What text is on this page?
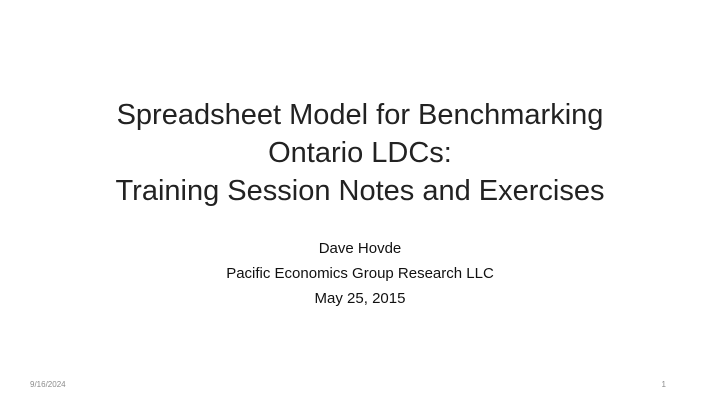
Spreadsheet Model for Benchmarking
Ontario LDCs:
Training Session Notes and Exercises
Dave Hovde
Pacific Economics Group Research LLC
May 25, 2015
9/16/2024	1
